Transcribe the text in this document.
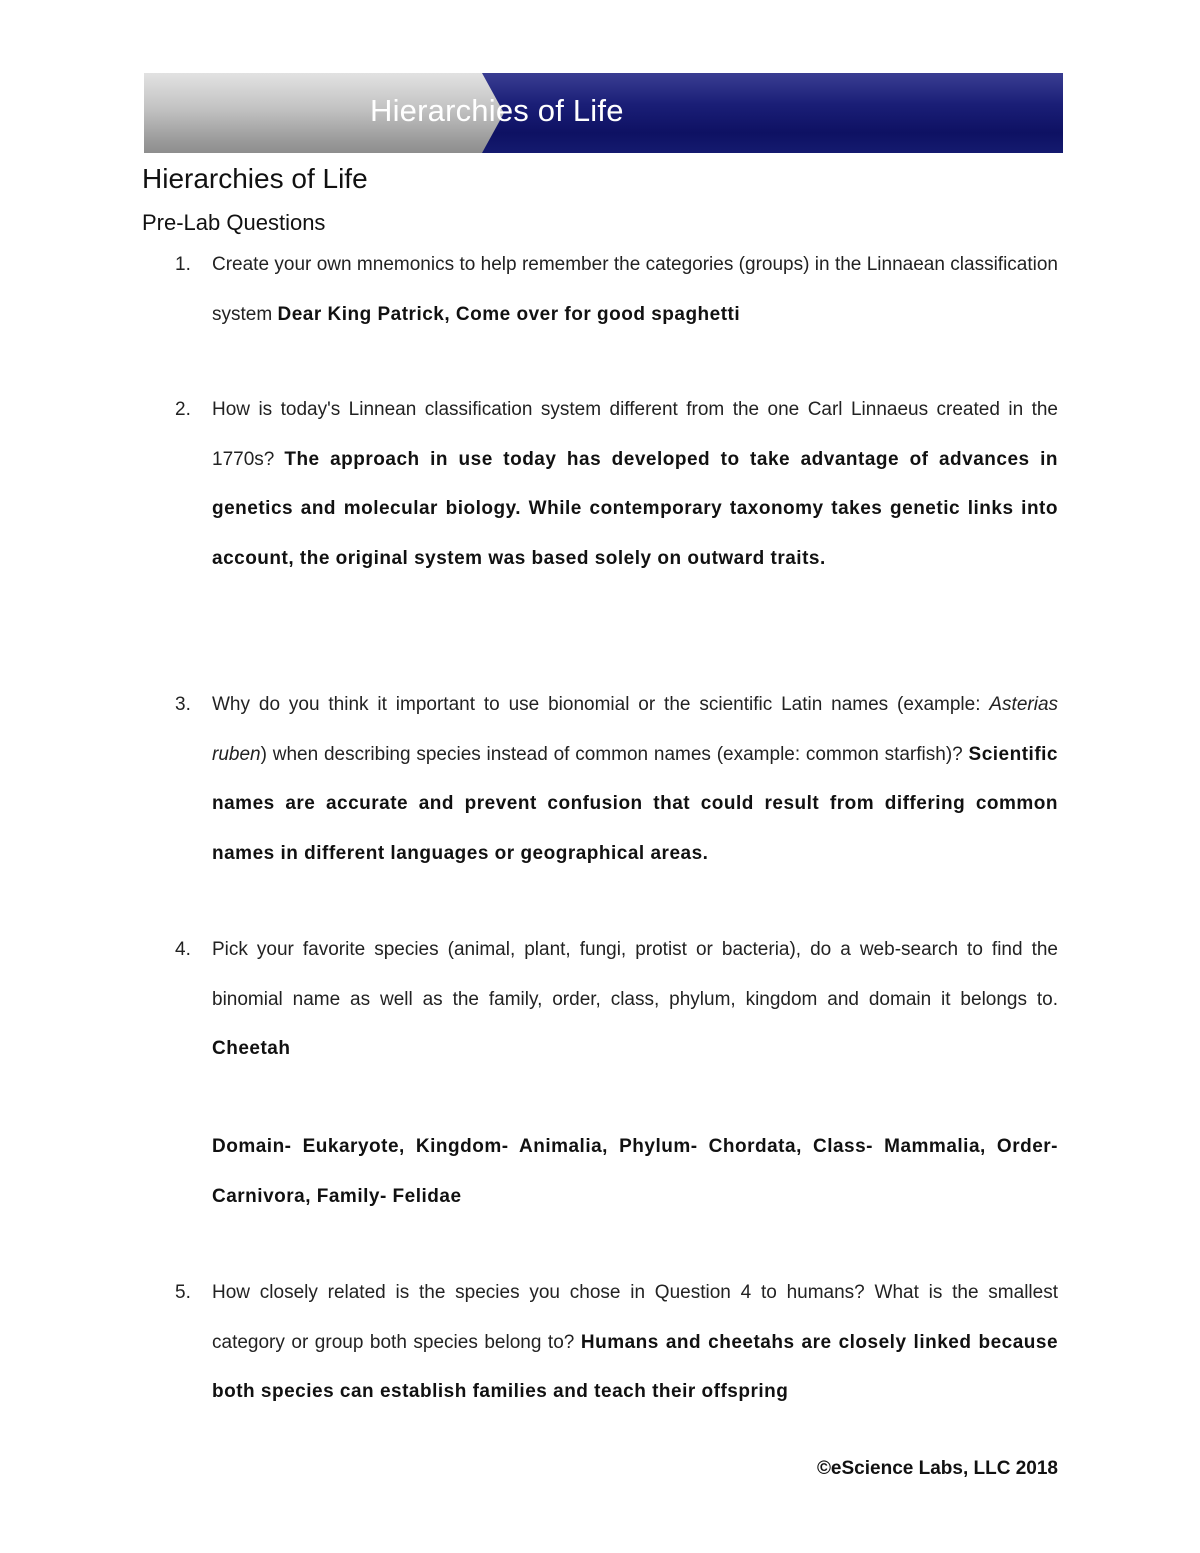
Hierarchies of Life
Hierarchies of Life
Pre-Lab Questions
1. Create your own mnemonics to help remember the categories (groups) in the Linnaean classification system Dear King Patrick, Come over for good spaghetti
2. How is today's Linnean classification system different from the one Carl Linnaeus created in the 1770s? The approach in use today has developed to take advantage of advances in genetics and molecular biology. While contemporary taxonomy takes genetic links into account, the original system was based solely on outward traits.
3. Why do you think it important to use bionomial or the scientific Latin names (example: Asterias ruben) when describing species instead of common names (example: common starfish)? Scientific names are accurate and prevent confusion that could result from differing common names in different languages or geographical areas.
4. Pick your favorite species (animal, plant, fungi, protist or bacteria), do a web-search to find the binomial name as well as the family, order, class, phylum, kingdom and domain it belongs to. Cheetah
Domain- Eukaryote, Kingdom- Animalia, Phylum- Chordata, Class- Mammalia, Order- Carnivora, Family- Felidae
5. How closely related is the species you chose in Question 4 to humans? What is the smallest category or group both species belong to? Humans and cheetahs are closely linked because both species can establish families and teach their offspring
©eScience Labs, LLC 2018
